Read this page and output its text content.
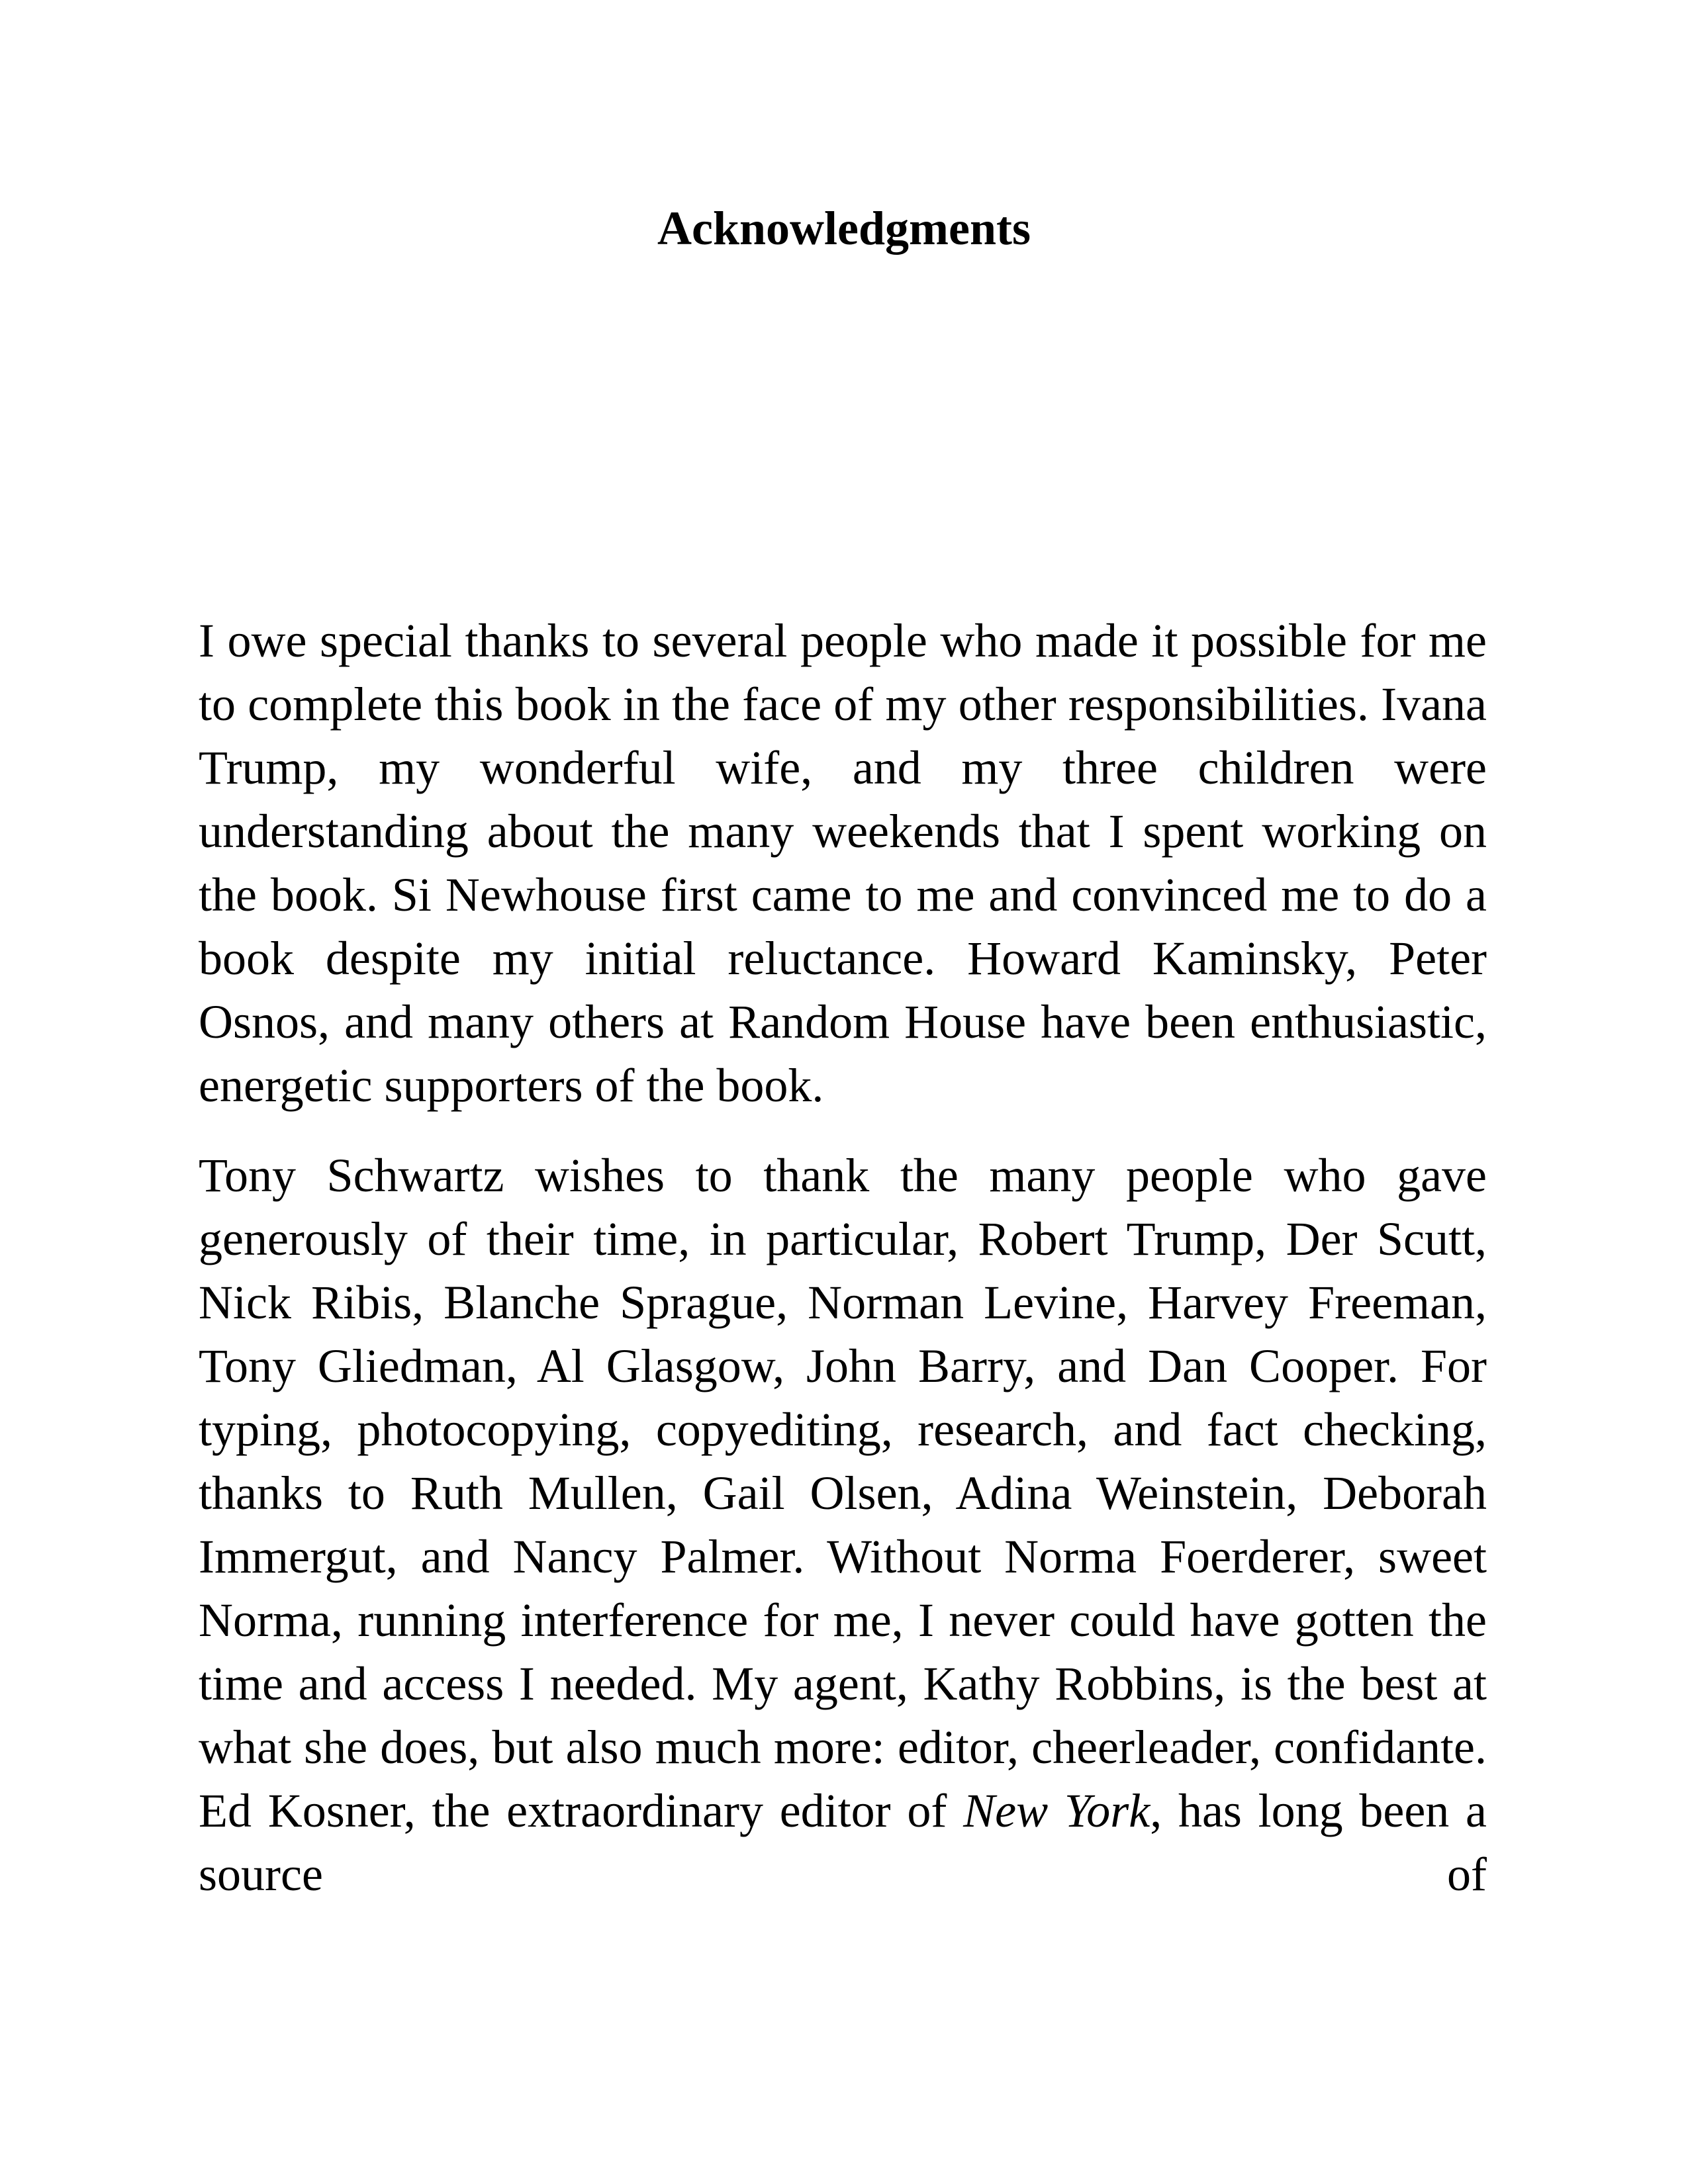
Acknowledgments

I owe special thanks to several people who made it possible for me to complete this book in the face of my other responsibilities. Ivana Trump, my wonderful wife, and my three children were understanding about the many weekends that I spent working on the book. Si Newhouse first came to me and convinced me to do a book despite my initial reluctance. Howard Kaminsky, Peter Osnos, and many others at Random House have been enthusiastic, energetic supporters of the book.

Tony Schwartz wishes to thank the many people who gave generously of their time, in particular, Robert Trump, Der Scutt, Nick Ribis, Blanche Sprague, Norman Levine, Harvey Freeman, Tony Gliedman, Al Glasgow, John Barry, and Dan Cooper. For typing, photocopying, copyediting, research, and fact checking, thanks to Ruth Mullen, Gail Olsen, Adina Weinstein, Deborah Immergut, and Nancy Palmer. Without Norma Foerderer, sweet Norma, running interference for me, I never could have gotten the time and access I needed. My agent, Kathy Robbins, is the best at what she does, but also much more: editor, cheerleader, confidante. Ed Kosner, the extraordinary editor of New York, has long been a source of
